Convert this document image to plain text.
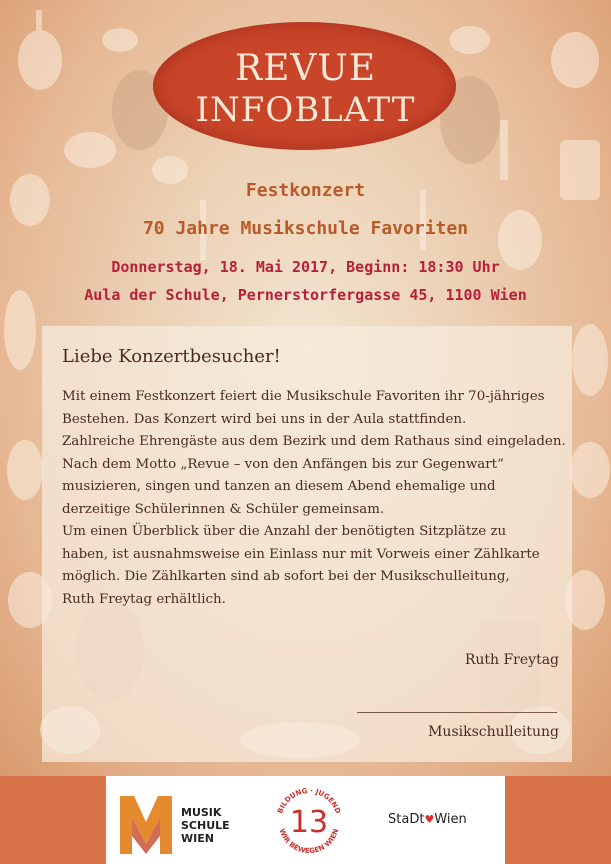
REVUE
INFOBLATT
Festkonzert
70 Jahre Musikschule Favoriten
Donnerstag, 18. Mai 2017, Beginn: 18:30 Uhr
Aula der Schule, Pernerstorfergasse 45, 1100 Wien
Liebe Konzertbesucher!

Mit einem Festkonzert feiert die Musikschule Favoriten ihr 70-jähriges

Bestehen. Das Konzert wird bei uns in der Aula stattfinden.

Zahlreiche Ehrengäste aus dem Bezirk und dem Rathaus sind eingeladen.

Nach dem Motto „Revue – von den Anfängen bis zur Gegenwart“

musizieren, singen und tanzen an diesem Abend ehemalige und

derzeitige Schülerinnen & Schüler gemeinsam.

Um einen Überblick über die Anzahl der benötigten Sitzplätze zu

haben, ist ausnahmsweise ein Einlass nur mit Vorweis einer Zählkarte

möglich. Die Zählkarten sind ab sofort bei der Musikschulleitung,

Ruth Freytag erhältlich.

Ruth Freytag
Musikschulleitung
MUSIK
SCHULE
WIEN
BILDUNG · JUGEND
WIR BEWEGEN WIEN
13	StaDt♥Wien
